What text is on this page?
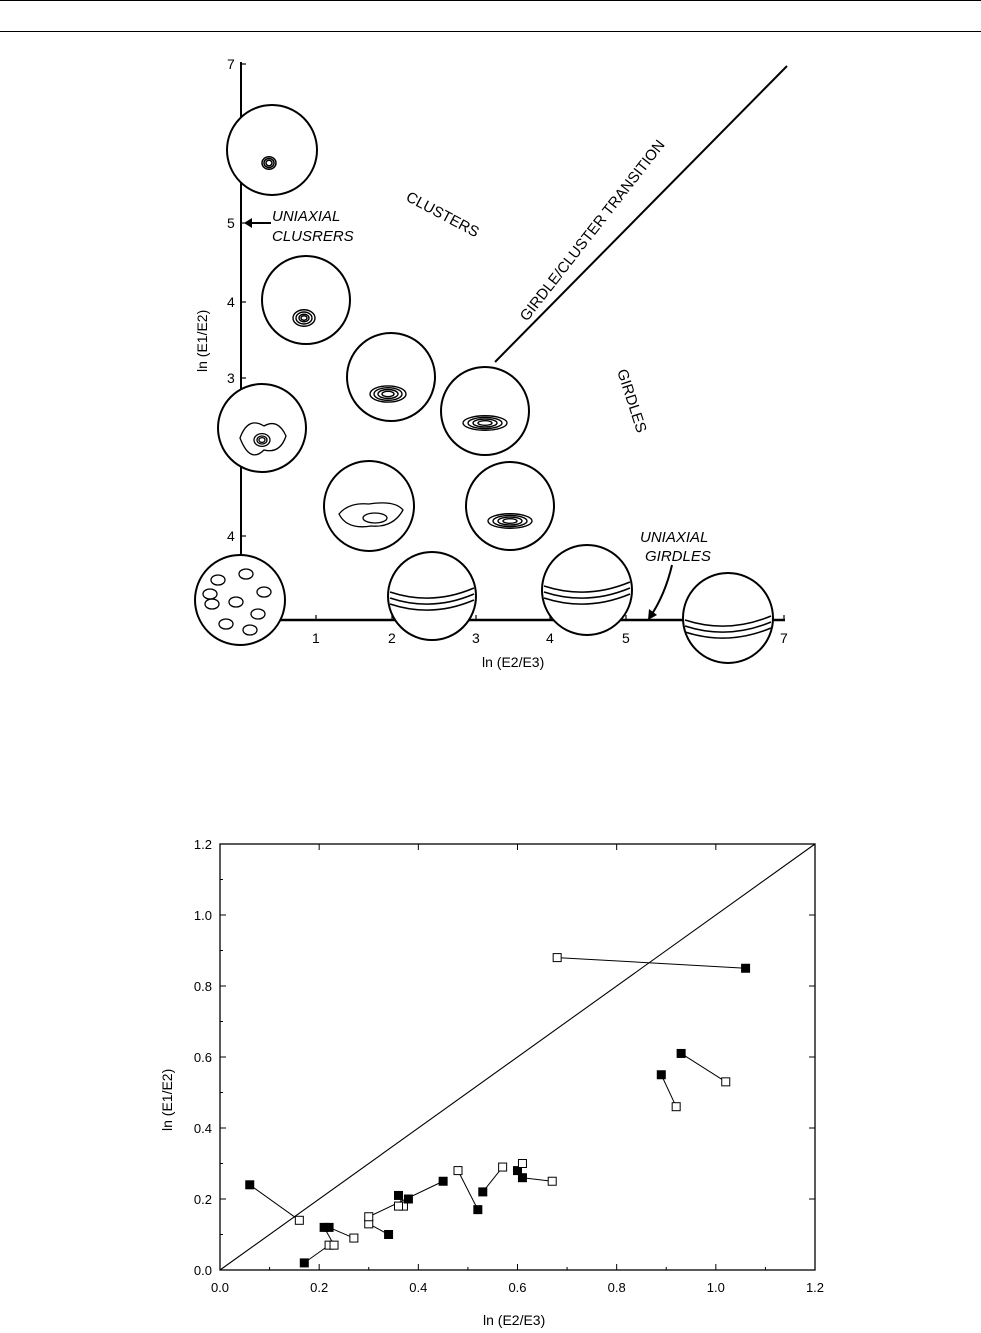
1	2	3	4	5	7
7
5
4
3
4
CLUSTERS
GIRDLES
GIRDLE/CLUSTER TRANSITION
UNIAXIAL
CLUSRERS
UNIAXIAL
GIRDLES
ln (E2/E3)
ln (E1/E2)
0.0	0.2	0.4	0.6	0.8	1.0	1.2
0.0
0.2
0.4
0.6
0.8
1.0
1.2
ln (E2/E3)
ln (E1/E2)
